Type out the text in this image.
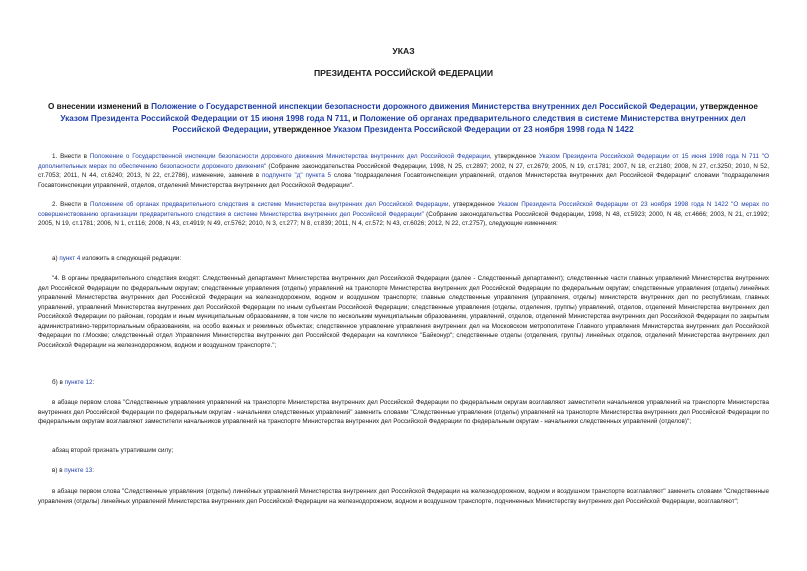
УКАЗ
ПРЕЗИДЕНТА РОССИЙСКОЙ ФЕДЕРАЦИИ
О внесении изменений в Положение о Государственной инспекции безопасности дорожного движения Министерства внутренних дел Российской Федерации, утвержденное Указом Президента Российской Федерации от 15 июня 1998 года N 711, и Положение об органах предварительного следствия в системе Министерства внутренних дел Российской Федерации, утвержденное Указом Президента Российской Федерации от 23 ноября 1998 года N 1422
1. Внести в Положение о Государственной инспекции безопасности дорожного движения Министерства внутренних дел Российской Федерации, утвержденное Указом Президента Российской Федерации от 15 июня 1998 года N 711 "О дополнительных мерах по обеспечению безопасности дорожного движения" (Собрание законодательства Российской Федерации, 1998, N 25, ст.2897; 2002, N 27, ст.2679; 2005, N 19, ст.1781; 2007, N 18, ст.2180; 2008, N 27, ст.3250; 2010, N 52, ст.7053; 2011, N 44, ст.6240; 2013, N 22, ст.2786), изменение, заменив в подпункте "д" пункта 5 слова "подразделения Госавтоинспекции управлений, отделов Министерства внутренних дел Российской Федерации" словами "подразделения Госавтоинспекции управлений, отделов, отделений Министерства внутренних дел Российской Федерации".
2. Внести в Положение об органах предварительного следствия в системе Министерства внутренних дел Российской Федерации, утвержденное Указом Президента Российской Федерации от 23 ноября 1998 года N 1422 "О мерах по совершенствованию организации предварительного следствия в системе Министерства внутренних дел Российской Федерации" (Собрание законодательства Российской Федерации, 1998, N 48, ст.5923; 2000, N 48, ст.4666; 2003, N 21, ст.1992; 2005, N 19, ст.1781; 2006, N 1, ст.116; 2008, N 43, ст.4919; N 49, ст.5762; 2010, N 3, ст.277; N 8, ст.839; 2011, N 4, ст.572; N 43, ст.6026; 2012, N 22, ст.2757), следующие изменения:
а) пункт 4 изложить в следующей редакции:
"4. В органы предварительного следствия входят: Следственный департамент Министерства внутренних дел Российской Федерации (далее - Следственный департамент); следственные части главных управлений Министерства внутренних дел Российской Федерации по федеральным округам; следственные управления (отделы) управлений на транспорте Министерства внутренних дел Российской Федерации по федеральным округам; следственные управления (отделы) линейных управлений Министерства внутренних дел Российской Федерации на железнодорожном, водном и воздушном транспорте; главные следственные управления (управления, отделы) министерств внутренних дел по республикам, главных управлений, управлений Министерства внутренних дел Российской Федерации по иным субъектам Российской Федерации; следственные управления (отделы, отделения, группы) управлений, отделов, отделений Министерства внутренних дел Российской Федерации по районам, городам и иным муниципальным образованиям, в том числе по нескольким муниципальным образованиям, управлений, отделов, отделений Министерства внутренних дел Российской Федерации по закрытым административно-территориальным образованиям, на особо важных и режимных объектах; следственное управление управления внутренних дел на Московском метрополитене Главного управления Министерства внутренних дел Российской Федерации по г.Москве; следственный отдел Управления Министерства внутренних дел Российской Федерации на комплексе "Байконур"; следственные отделы (отделения, группы) линейных отделов, отделений Министерства внутренних дел Российской Федерации на железнодорожном, водном и воздушном транспорте.";
б) в пункте 12:
в абзаце первом слова "Следственные управления управлений на транспорте Министерства внутренних дел Российской Федерации по федеральным округам возглавляют заместители начальников управлений на транспорте Министерства внутренних дел Российской Федерации по федеральным округам - начальники следственных управлений" заменить словами "Следственные управления (отделы) управлений на транспорте Министерства внутренних дел Российской Федерации по федеральным округам возглавляют заместители начальников управлений на транспорте Министерства внутренних дел Российской Федерации по федеральным округам - начальники следственных управлений (отделов)";
абзац второй признать утратившим силу;
в) в пункте 13:
в абзаце первом слова "Следственные управления (отделы) линейных управлений Министерства внутренних дел Российской Федерации на железнодорожном, водном и воздушном транспорте возглавляют" заменить словами "Следственные управления (отделы) линейных управлений Министерства внутренних дел Российской Федерации на железнодорожном, водном и воздушном транспорте, подчиненных Министерству внутренних дел Российской Федерации, возглавляют";
